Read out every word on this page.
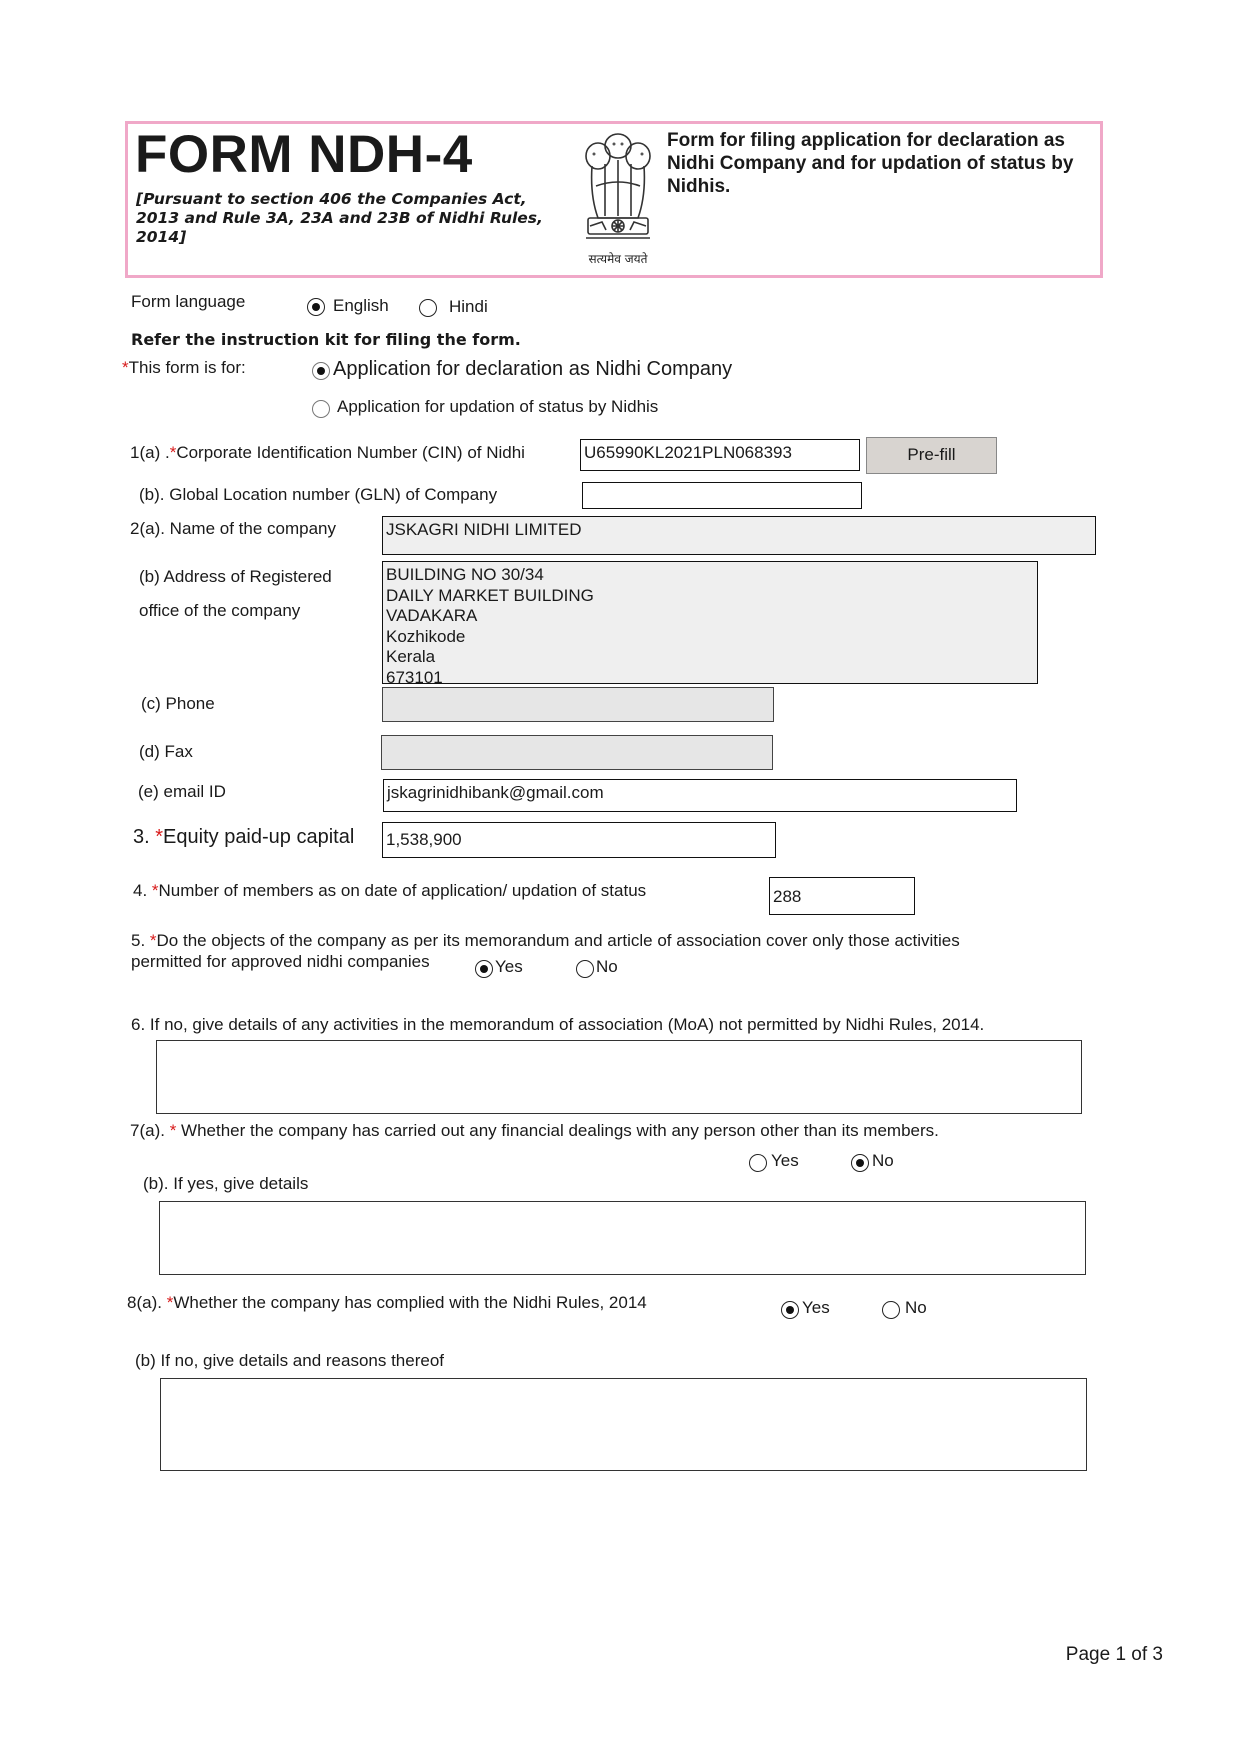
FORM NDH-4
[Pursuant to section 406 the Companies Act, 2013 and Rule 3A, 23A and 23B of Nidhi Rules, 2014]
Form for filing application for declaration as Nidhi Company and for updation of status by Nidhis.
सत्यमेव जयते
Form language	English	Hindi
Refer the instruction kit for filing the form.
*This form is for:	Application for declaration as Nidhi Company
Application for updation of status by Nidhis
1(a) .*Corporate Identification Number (CIN) of Nidhi	U65990KL2021PLN068393	Pre-fill
(b). Global Location number (GLN) of Company
2(a). Name of the company	JSKAGRI NIDHI LIMITED
(b) Address of Registered
office of the company
BUILDING NO 30/34
DAILY MARKET BUILDING
VADAKARA
Kozhikode
Kerala
673101
(c) Phone
(d) Fax
(e) email ID	jskagrinidhibank@gmail.com
3. *Equity paid-up capital 1,538,900
4. *Number of members as on date of application/ updation of status	288
5. *Do the objects of the company as per its memorandum and article of association cover only those activities
permitted for approved nidhi companies	Yes	No
6. If no, give details of any activities in the memorandum of association (MoA) not permitted by Nidhi Rules, 2014.
7(a). * Whether the company has carried out any financial dealings with any person other than its members.
Yes	No
(b). If yes, give details
8(a). *Whether the company has complied with the Nidhi Rules, 2014	Yes	No
(b) If no, give details and reasons thereof
Page 1 of 3
